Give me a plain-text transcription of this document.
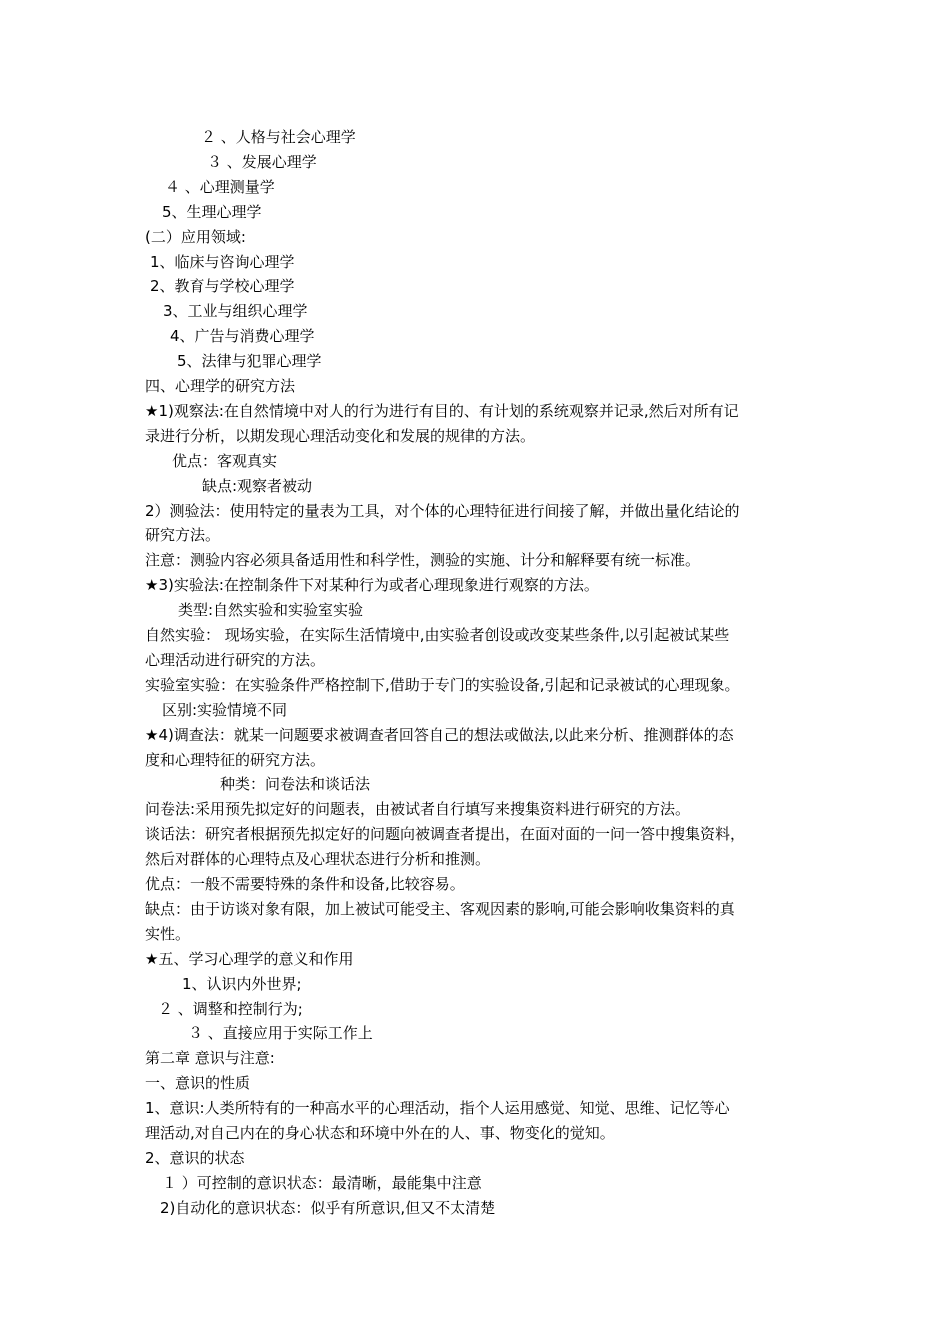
２ 、人格与社会心理学
３ 、发展心理学
４ 、心理测量学
5、生理心理学
(二）应用领域:
1、临床与咨询心理学
2、教育与学校心理学
3、工业与组织心理学
4、广告与消费心理学
5、法律与犯罪心理学
四、心理学的研究方法
★1)观察法:在自然情境中对人的行为进行有目的、有计划的系统观察并记录,然后对所有记
录进行分析，以期发现心理活动变化和发展的规律的方法。
优点：客观真实
缺点:观察者被动
2）测验法：使用特定的量表为工具，对个体的心理特征进行间接了解，并做出量化结论的
研究方法。
注意：测验内容必须具备适用性和科学性，测验的实施、计分和解释要有统一标准。
★3)实验法:在控制条件下对某种行为或者心理现象进行观察的方法。
类型:自然实验和实验室实验
自然实验： 现场实验，在实际生活情境中,由实验者创设或改变某些条件,以引起被试某些
心理活动进行研究的方法。
实验室实验：在实验条件严格控制下,借助于专门的实验设备,引起和记录被试的心理现象。
区别:实验情境不同
★4)调查法：就某一问题要求被调查者回答自己的想法或做法,以此来分析、推测群体的态
度和心理特征的研究方法。
种类：问卷法和谈话法
问卷法:采用预先拟定好的问题表，由被试者自行填写来搜集资料进行研究的方法。
谈话法：研究者根据预先拟定好的问题向被调查者提出，在面对面的一问一答中搜集资料，
然后对群体的心理特点及心理状态进行分析和推测。
优点：一般不需要特殊的条件和设备,比较容易。
缺点：由于访谈对象有限，加上被试可能受主、客观因素的影响,可能会影响收集资料的真
实性。
★五、学习心理学的意义和作用
1、认识内外世界;
２ 、调整和控制行为;
３ 、直接应用于实际工作上
第二章 意识与注意:
一、意识的性质
1、意识:人类所特有的一种高水平的心理活动，指个人运用感觉、知觉、思维、记忆等心
理活动,对自己内在的身心状态和环境中外在的人、事、物变化的觉知。
2、意识的状态
１ ）可控制的意识状态：最清晰，最能集中注意
2)自动化的意识状态：似乎有所意识,但又不太清楚
